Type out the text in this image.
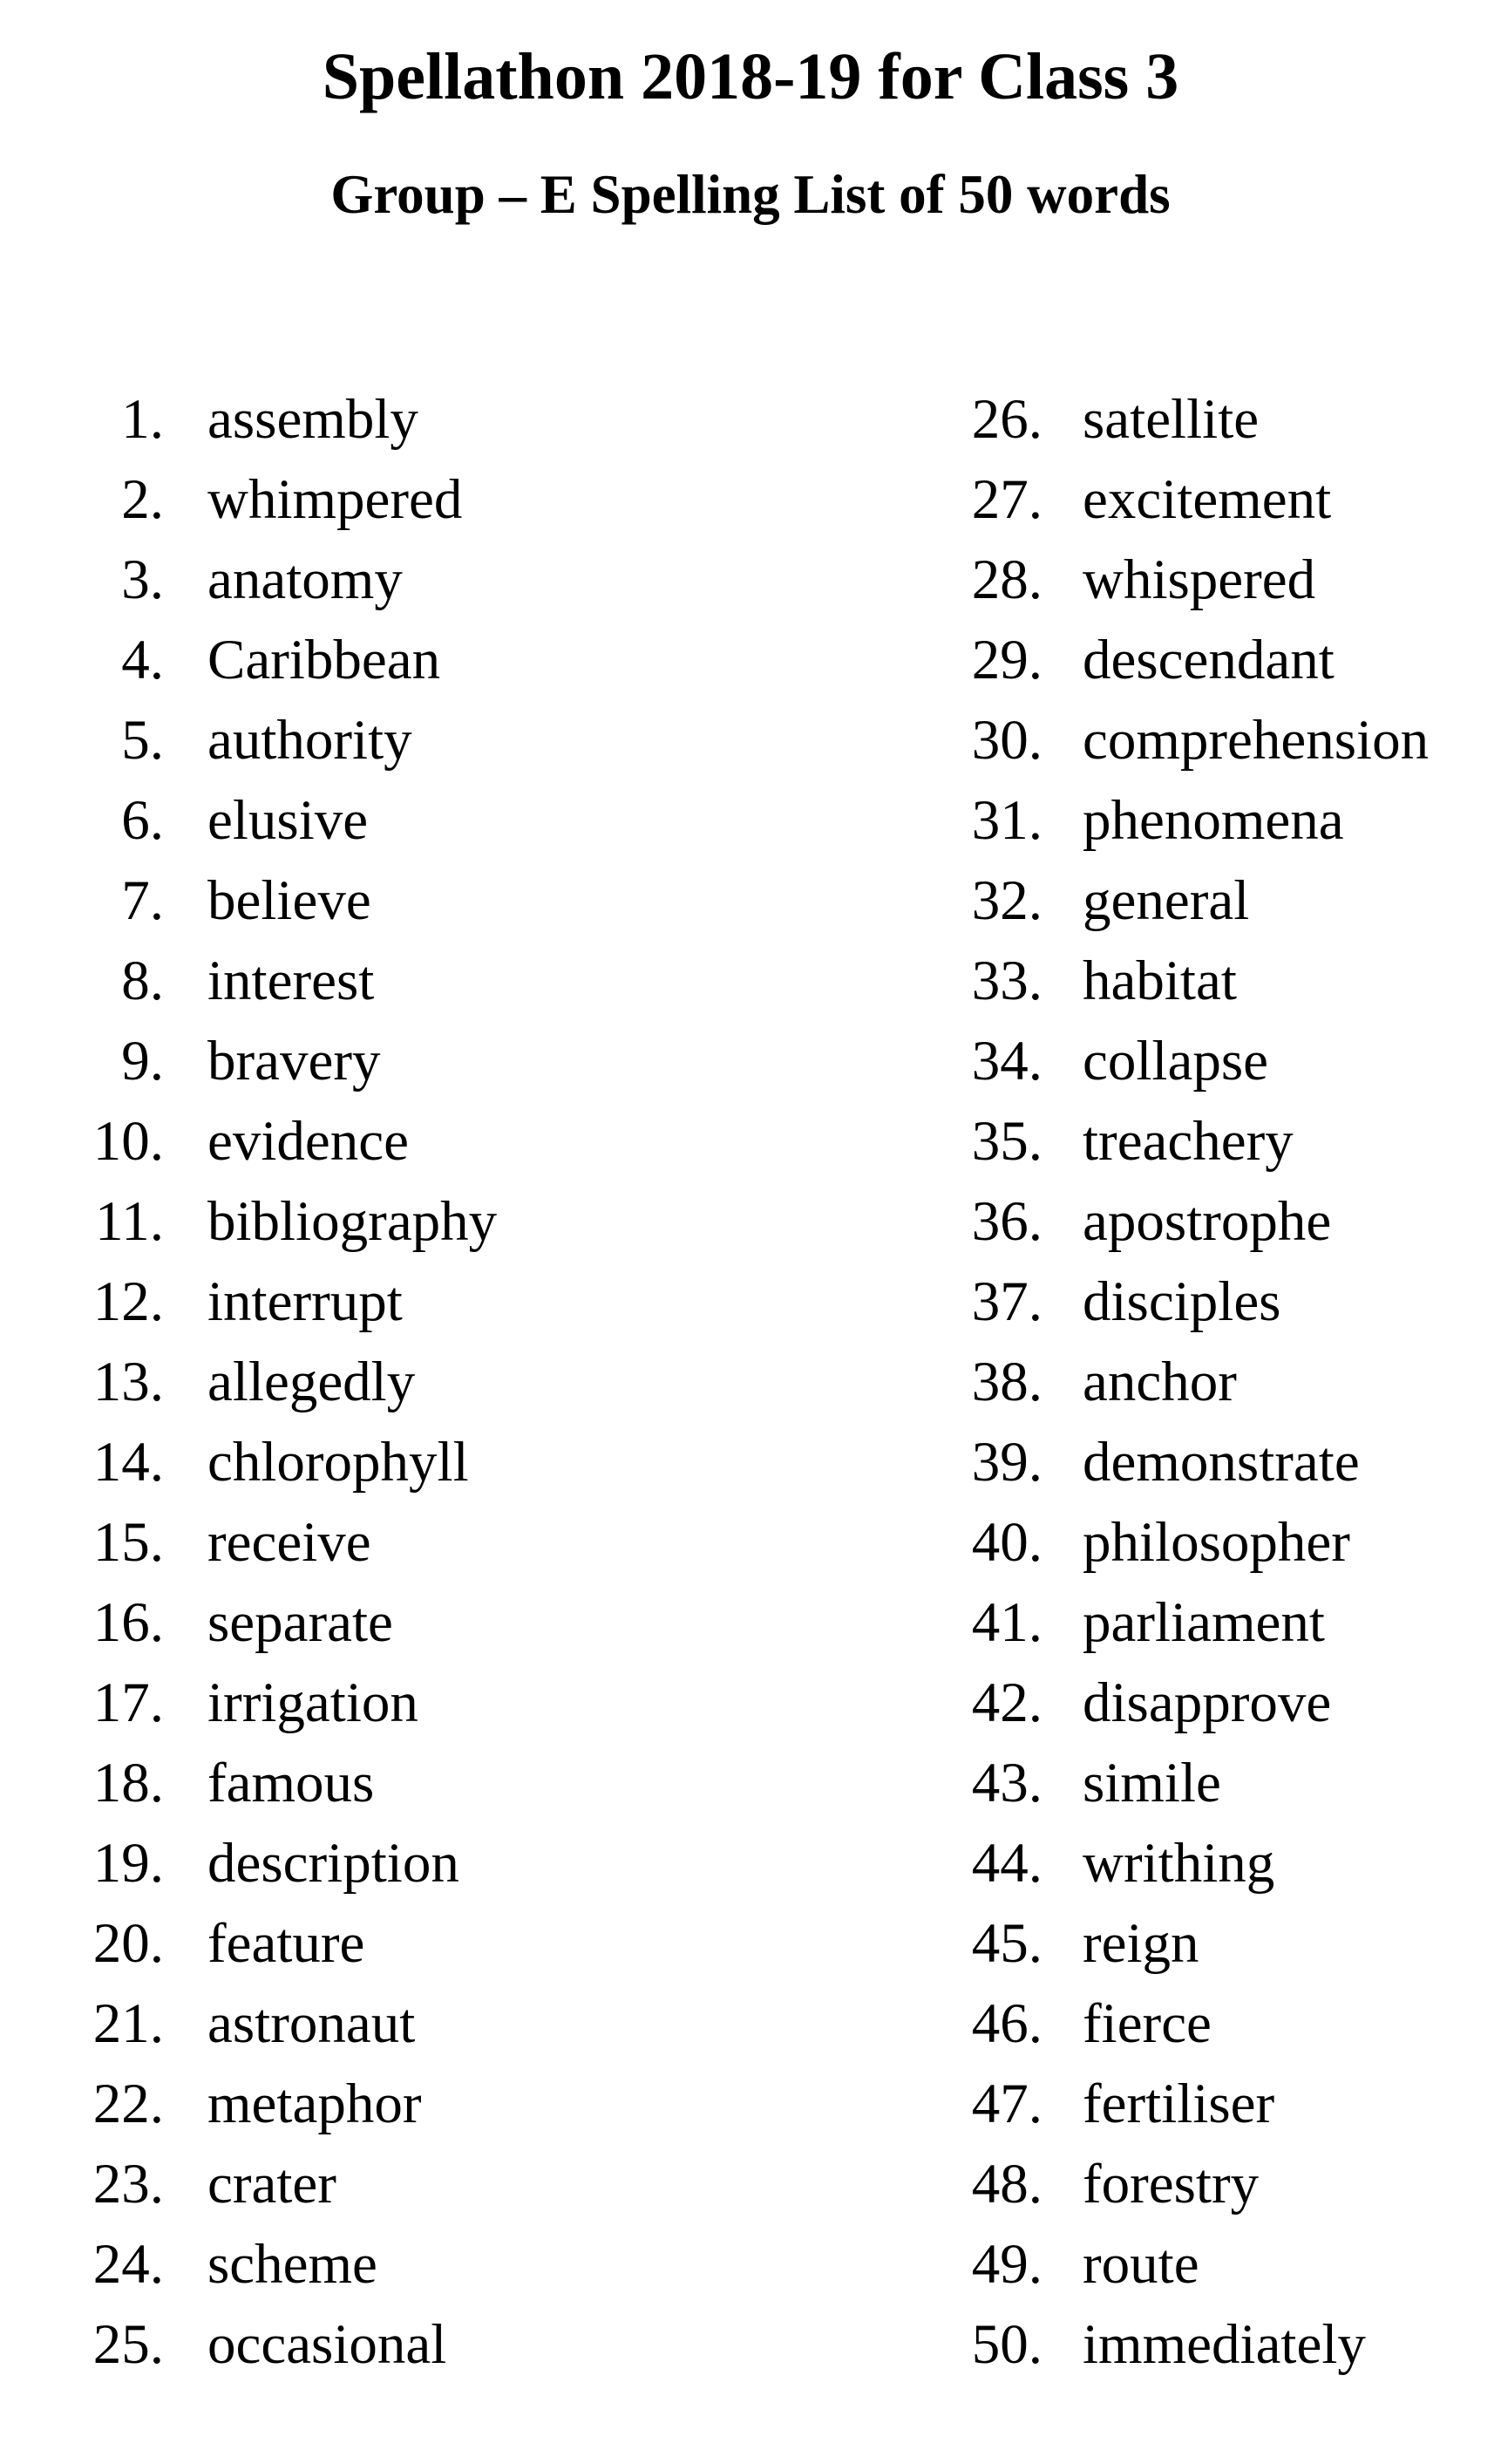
Spellathon 2018-19 for Class 3
Group – E Spelling List of 50 words
1. assembly
2. whimpered
3. anatomy
4. Caribbean
5. authority
6. elusive
7. believe
8. interest
9. bravery
10. evidence
11. bibliography
12. interrupt
13. allegedly
14. chlorophyll
15. receive
16. separate
17. irrigation
18. famous
19. description
20. feature
21. astronaut
22. metaphor
23. crater
24. scheme
25. occasional
26. satellite
27. excitement
28. whispered
29. descendant
30. comprehension
31. phenomena
32. general
33. habitat
34. collapse
35. treachery
36. apostrophe
37. disciples
38. anchor
39. demonstrate
40. philosopher
41. parliament
42. disapprove
43. simile
44. writhing
45. reign
46. fierce
47. fertiliser
48. forestry
49. route
50. immediately
